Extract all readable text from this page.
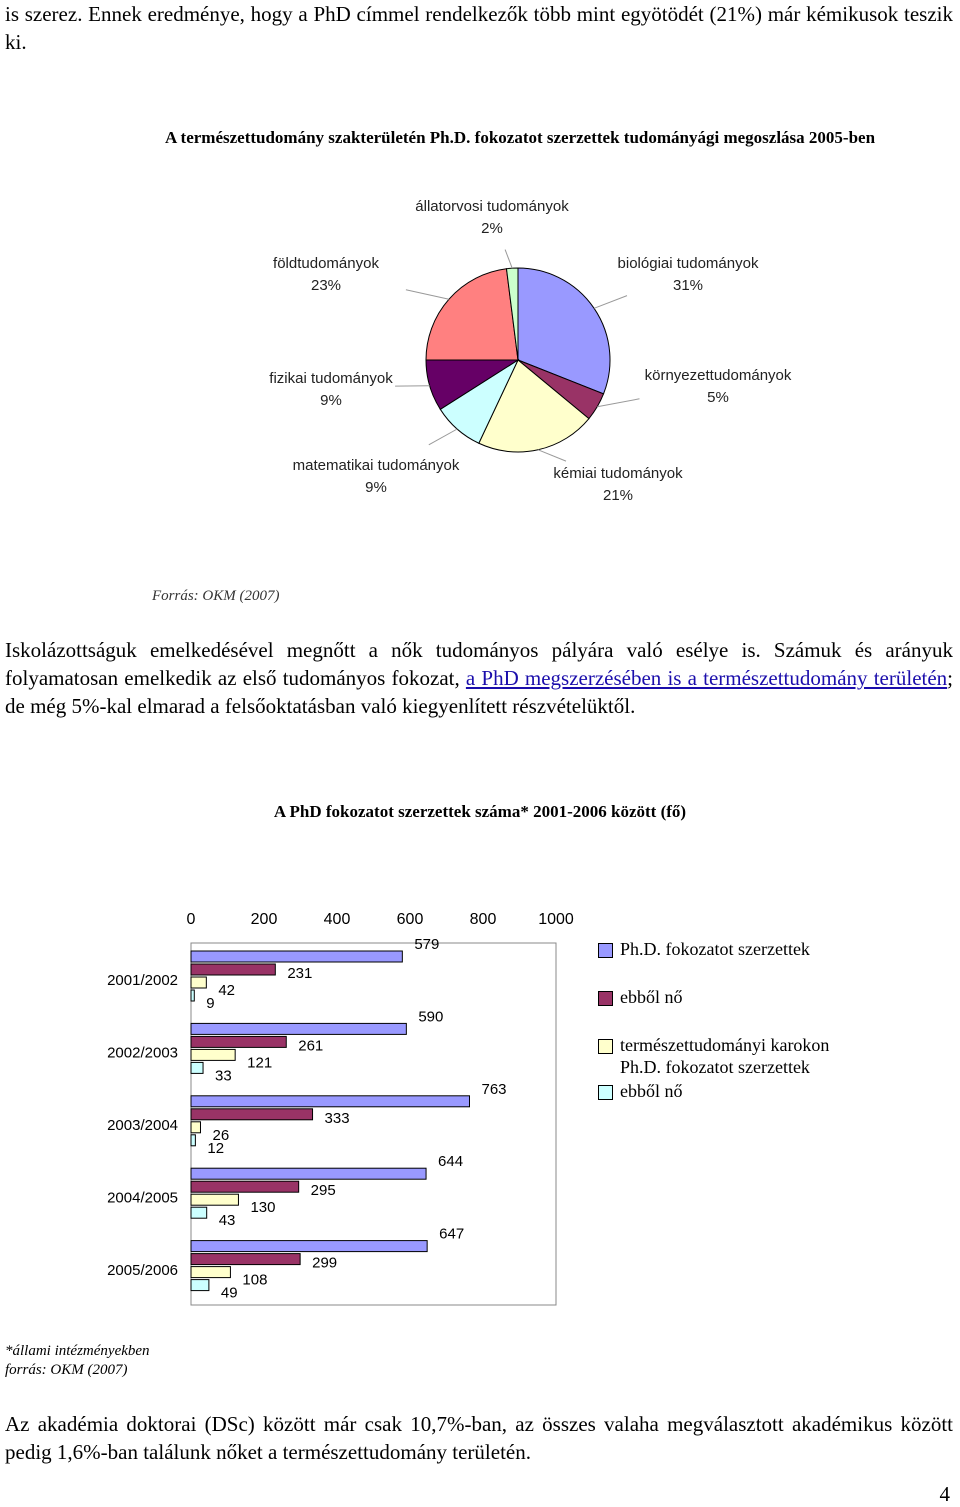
is szerez. Ennek eredménye, hogy a PhD címmel rendelkezők több mint egyötödét (21%) már kémikusok teszik ki.

A természettudomány szakterületén Ph.D. fokozatot szerzettek tudományági megoszlása 2005-ben
biológiai tudományok
31%
környezettudományok
5%
kémiai tudományok
21%
matematikai tudományok
9%
fizikai tudományok
9%
földtudományok
23%
állatorvosi tudományok
2%
Forrás: OKM (2007)

Iskolázottságuk emelkedésével megnőtt a nők tudományos pályára való esélye is. Számuk és arányuk folyamatosan emelkedik az első tudományos fokozat, a PhD megszerzésében is a természettudomány területén; de még 5%-kal elmarad a felsőoktatásban való kiegyenlített részvételüktől.

A PhD fokozatot szerzettek száma* 2001-2006 között (fő)
0	200	400	600	800	1000
2001/2002
579
231
42
9
2002/2003
590
261
121
33
2003/2004
763
333
26
12
2004/2005
644
295
130
43
2005/2006
647
299
108
49
Ph.D. fokozatot szerzettek
ebből nő
természettudományi karokon
Ph.D. fokozatot szerzettek
ebből nő
*állami intézményekben
forrás: OKM (2007)

Az akadémia doktorai (DSc) között már csak 10,7%-ban, az összes valaha megválasztott akadémikus között pedig 1,6%-ban találunk nőket a természettudomány területén.

4
